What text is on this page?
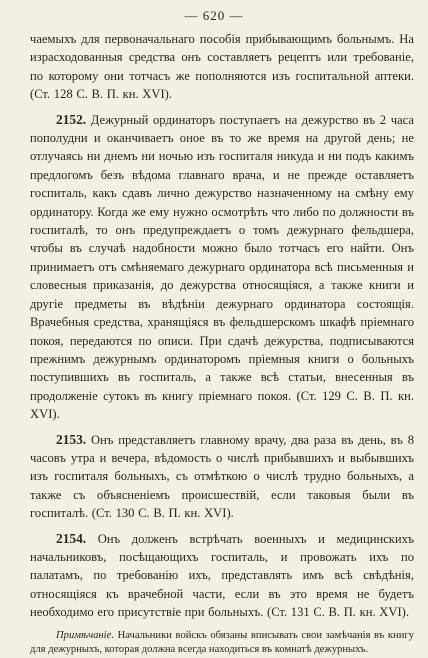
— 620 —

чаемыхъ для первоначальнаго пособія прибывающимъ больнымъ. На израсходованныя средства онъ составляетъ рецептъ или требованіе, по которому они тотчасъ же пополняются изъ госпитальной аптеки. (Ст. 128 С. В. П. кн. XVI).

2152. Дежурный ординаторъ поступаетъ на дежурство въ 2 часа пополудни и оканчиваетъ оное въ то же время на другой день; не отлучаясь ни днемъ ни ночью изъ госпиталя никуда и ни подъ какимъ предлогомъ безъ вѣдома главнаго врача, и не прежде оставляетъ госпиталь, какъ сдавъ лично дежурство назначенному на смѣну ему ординатору. Когда же ему нужно осмотрѣть что либо по должности въ госпиталѣ, то онъ предупреждаетъ о томъ дежурнаго фельдшера, чтобы въ случаѣ надобности можно было тотчасъ его найти. Онъ принимаетъ отъ смѣняемаго дежурнаго ординатора всѣ письменныя и словесныя приказанія, до дежурства относящіяся, а также книги и другіе предметы въ вѣдѣніи дежурнаго ординатора состоящія. Врачебныя средства, хранящіяся въ фельдшерскомъ шкафѣ пріемнаго покоя, передаются по описи. При сдачѣ дежурства, подписываются прежнимъ дежурнымъ ординаторомъ пріемныя книги о больныхъ поступившихъ въ госпиталь, а также всѣ статьи, внесенныя въ продолженіе сутокъ въ книгу пріемнаго покоя. (Ст. 129 С. В. П. кн. XVI).

2153. Онъ представляетъ главному врачу, два раза въ день, въ 8 часовъ утра и вечера, вѣдомость о числѣ прибывшихъ и выбывшихъ изъ госпиталя больныхъ, съ отмѣткою о числѣ трудно больныхъ, а также съ объясненіемъ происшествій, если таковыя были въ госпиталѣ. (Ст. 130 С. В. П. кн. XVI).

2154. Онъ долженъ встрѣчать военныхъ и медицинскихъ начальниковъ, посѣщающихъ госпиталь, и провожать ихъ по палатамъ, по требованію ихъ, представлять имъ всѣ свѣдѣнія, относящіяся къ врачебной части, если въ это время не будетъ необходимо его присутствіе при больныхъ. (Ст. 131 С. В. П. кн. XVI).

Примѣчаніе. Начальники войскъ обязаны вписывать свои замѣчанія въ книгу для дежурныхъ, которая должна всегда находиться въ комнатѣ дежурныхъ.
